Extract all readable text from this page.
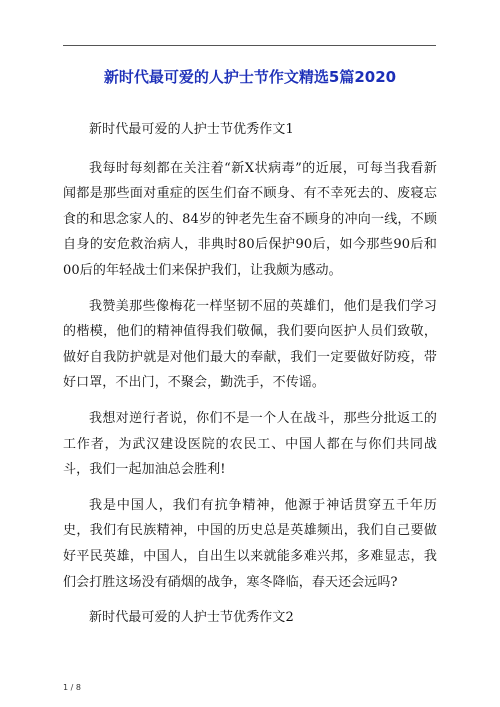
新时代最可爱的人护士节作文精选5篇2020

新时代最可爱的人护士节优秀作文1

我每时每刻都在关注着“新X状病毒”的近展，可每当我看新闻都是那些面对重症的医生们奋不顾身、有不幸死去的、废寝忘食的和思念家人的、84岁的钟老先生奋不顾身的冲向一线，不顾自身的安危救治病人，非典时80后保护90后，如今那些90后和00后的年轻战士们来保护我们，让我颇为感动。

我赞美那些像梅花一样坚韧不屈的英雄们，他们是我们学习的楷模，他们的精神值得我们敬佩，我们要向医护人员们致敬，做好自我防护就是对他们最大的奉献，我们一定要做好防疫，带好口罩，不出门，不聚会，勤洗手，不传谣。

我想对逆行者说，你们不是一个人在战斗，那些分批返工的工作者，为武汉建设医院的农民工、中国人都在与你们共同战斗，我们一起加油总会胜利!

我是中国人，我们有抗争精神，他源于神话贯穿五千年历史，我们有民族精神，中国的历史总是英雄频出，我们自己要做好平民英雄，中国人，自出生以来就能多难兴邦，多难显志，我们会打胜这场没有硝烟的战争，寒冬降临，春天还会远吗?

新时代最可爱的人护士节优秀作文2

1 / 8
